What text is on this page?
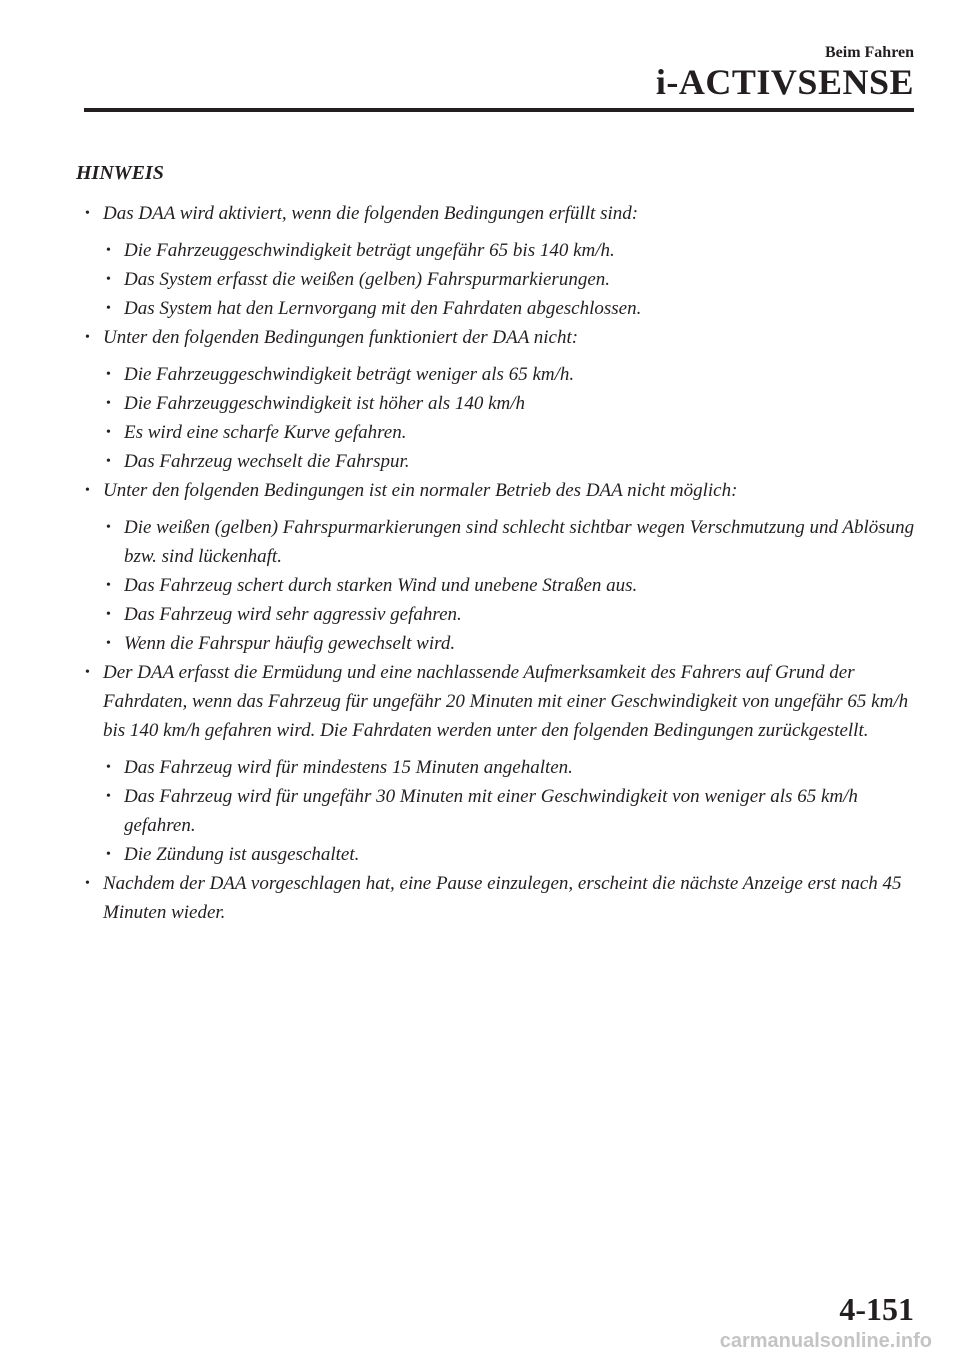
Beim Fahren
i-ACTIVSENSE
HINWEIS
• Das DAA wird aktiviert, wenn die folgenden Bedingungen erfüllt sind:
• Die Fahrzeuggeschwindigkeit beträgt ungefähr 65 bis 140 km/h.
• Das System erfasst die weißen (gelben) Fahrspurmarkierungen.
• Das System hat den Lernvorgang mit den Fahrdaten abgeschlossen.
• Unter den folgenden Bedingungen funktioniert der DAA nicht:
• Die Fahrzeuggeschwindigkeit beträgt weniger als 65 km/h.
• Die Fahrzeuggeschwindigkeit ist höher als 140 km/h
• Es wird eine scharfe Kurve gefahren.
• Das Fahrzeug wechselt die Fahrspur.
• Unter den folgenden Bedingungen ist ein normaler Betrieb des DAA nicht möglich:
• Die weißen (gelben) Fahrspurmarkierungen sind schlecht sichtbar wegen Verschmutzung und Ablösung bzw. sind lückenhaft.
• Das Fahrzeug schert durch starken Wind und unebene Straßen aus.
• Das Fahrzeug wird sehr aggressiv gefahren.
• Wenn die Fahrspur häufig gewechselt wird.
• Der DAA erfasst die Ermüdung und eine nachlassende Aufmerksamkeit des Fahrers auf Grund der Fahrdaten, wenn das Fahrzeug für ungefähr 20 Minuten mit einer Geschwindigkeit von ungefähr 65 km/h bis 140 km/h gefahren wird. Die Fahrdaten werden unter den folgenden Bedingungen zurückgestellt.
• Das Fahrzeug wird für mindestens 15 Minuten angehalten.
• Das Fahrzeug wird für ungefähr 30 Minuten mit einer Geschwindigkeit von weniger als 65 km/h gefahren.
• Die Zündung ist ausgeschaltet.
• Nachdem der DAA vorgeschlagen hat, eine Pause einzulegen, erscheint die nächste Anzeige erst nach 45 Minuten wieder.
4-151
carmanualsonline.info
